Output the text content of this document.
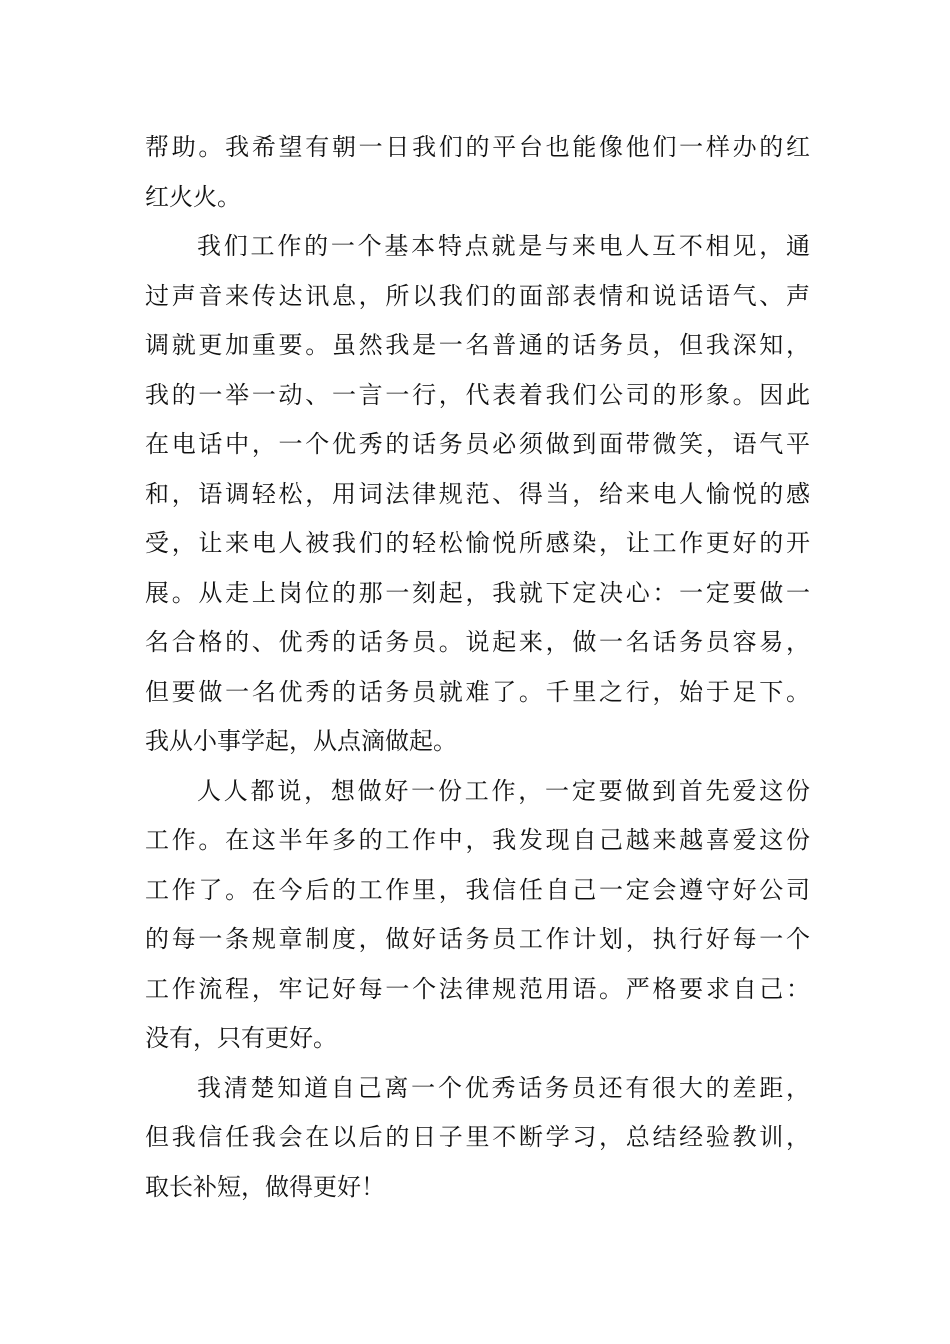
帮助。我希望有朝一日我们的平台也能像他们一样办的红
红火火。
我们工作的一个基本特点就是与来电人互不相见，通
过声音来传达讯息，所以我们的面部表情和说话语气、声
调就更加重要。虽然我是一名普通的话务员，但我深知，
我的一举一动、一言一行，代表着我们公司的形象。因此
在电话中，一个优秀的话务员必须做到面带微笑，语气平
和，语调轻松，用词法律规范、得当，给来电人愉悦的感
受，让来电人被我们的轻松愉悦所感染，让工作更好的开
展。从走上岗位的那一刻起，我就下定决心：一定要做一
名合格的、优秀的话务员。说起来，做一名话务员容易，
但要做一名优秀的话务员就难了。千里之行，始于足下。
我从小事学起，从点滴做起。
人人都说，想做好一份工作，一定要做到首先爱这份
工作。在这半年多的工作中，我发现自己越来越喜爱这份
工作了。在今后的工作里，我信任自己一定会遵守好公司
的每一条规章制度，做好话务员工作计划，执行好每一个
工作流程，牢记好每一个法律规范用语。严格要求自己：
没有，只有更好。
我清楚知道自己离一个优秀话务员还有很大的差距，
但我信任我会在以后的日子里不断学习，总结经验教训，
取长补短，做得更好！
